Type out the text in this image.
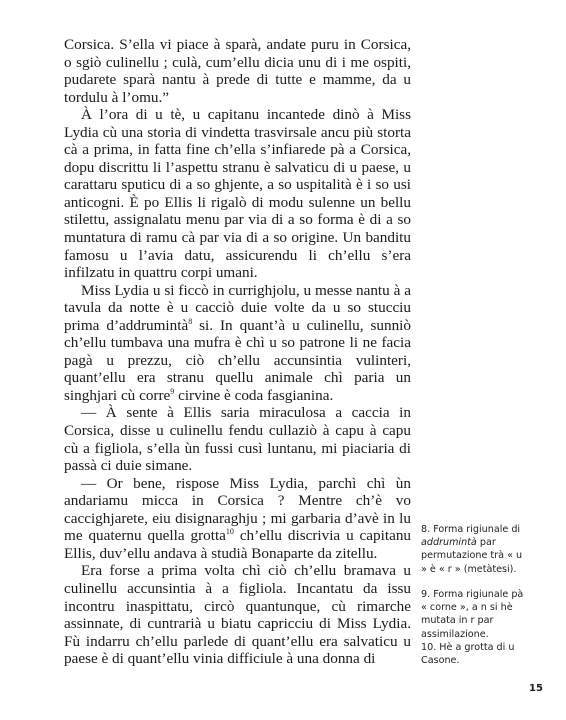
Corsica. S’ella vi piace à sparà, andate puru in Corsica, o sgiò culinellu ; culà, cum’ellu dicia unu di i me ospiti, pudarete sparà nantu à prede di tutte e mamme, da u tordulu à l’omu.”

À l’ora di u tè, u capitanu incantede dinò à Miss Lydia cù una storia di vindetta trasvirsale ancu più storta cà a prima, in fatta fine ch’ella s’infiarede pà a Corsica, dopu discrittu li l’aspettu stranu è salvaticu di u paese, u carattaru sputicu di a so ghjente, a so uspitalità è i so usi anticogni. È po Ellis li rigalò di modu sulenne un bellu stilettu, assignalatu menu par via di a so forma è di a so muntatura di ramu cà par via di a so origine. Un banditu famosu u l’avia datu, assicurendu li ch’ellu s’era infilzatu in quattru corpi umani.

Miss Lydia u si ficcò in currighjolu, u messe nantu à a tavula da notte è u cacciò duie volte da u so stucciu prima d’addrumintà$^8$ si. In quant’à u culinellu, sunniò ch’ellu tumbava una mufra è chì u so patrone li ne facia pagà u prezzu, ciò ch’ellu accunsintia vulinteri, quant’ellu era stranu quellu animale chì paria un singhjari cù corre$^9$ cirvine è coda fasgianina.

— À sente à Ellis saria miraculosa a caccia in Corsica, disse u culinellu fendu cullaziò à capu à capu cù a figliola, s’ella ùn fussi cusì luntanu, mi piaciaria di passà ci duie simane.

— Or bene, rispose Miss Lydia, parchì chì ùn andariamu micca in Corsica ? Mentre ch’è vo caccighjarete, eiu disignaraghju ; mi garbaria d’avè in lu me quaternu quella grotta$^{10}$ ch’ellu discrivia u capitanu Ellis, duv’ellu andava à studià Bonaparte da zitellu.

Era forse a prima volta chì ciò ch’ellu bramava u culinellu accunsintia à a figliola. Incantatu da issu incontru inaspittatu, circò quantunque, cù rimarche assinnate, di cuntrarià u biatu capricciu di Miss Lydia. Fù indarru ch’ellu parlede di quant’ellu era salvaticu u paese è di quant’ellu vinia difficiule à una donna di

8. Forma rigiunale di addrumintà par permutazione trà « u » è « r » (metàtesi).

9. Forma rigiunale pà « corne », a n si hè mutata in r par assimilazione.

10. Hè a grotta di u Casone.

15
